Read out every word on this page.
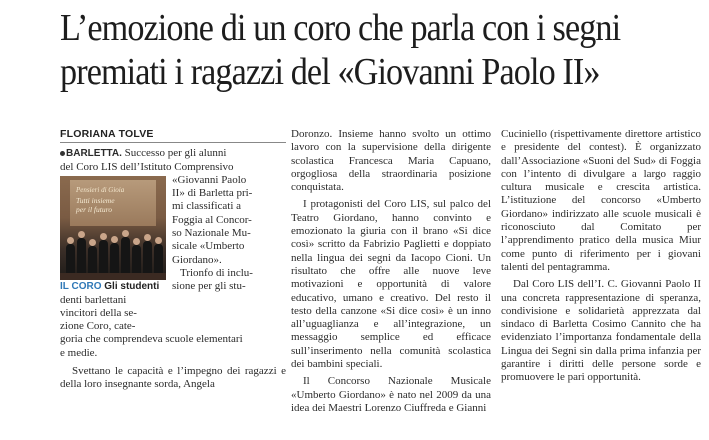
L’emozione di un coro che parla con i segni
premiati i ragazzi del «Giovanni Paolo II»
FLORIANA TOLVE

BARLETTA. Successo per gli alunni

del Coro LIS dell’Istituto Comprensivo
Pensieri di Gioia
Tutti insieme
per il futuro
IL CORO Gli studenti
«Giovanni Paolo
II» di Barletta pri-
mi classificati a
Foggia al Concor-
so Nazionale Mu-
sicale «Umberto
Giordano».
Trionfo di inclu-
sione per gli stu-
denti barlettani
vincitori della se-
zione Coro, cate-
goria che comprendeva scuole elementari
e medie.

Svettano le capacità e l’impegno dei ragazzi e della loro insegnante sorda, Angela

Doronzo. Insieme hanno svolto un ottimo lavoro con la supervisione della dirigente scolastica Francesca Maria Capuano, orgogliosa della straordinaria posizione conquistata.

I protagonisti del Coro LIS, sul palco del Teatro Giordano, hanno convinto e emozionato la giuria con il brano «Si dice così» scritto da Fabrizio Paglietti e doppiato nella lingua dei segni da Iacopo Cioni. Un risultato che offre alle nuove leve motivazioni e opportunità di valore educativo, umano e creativo. Del resto il testo della canzone «Si dice così» è un inno all’uguaglianza e all’integrazione, un messaggio semplice ed efficace sull’inserimento nella comunità scolastica dei bambini speciali.

Il Concorso Nazionale Musicale «Umberto Giordano» è nato nel 2009 da una idea dei Maestri Lorenzo Ciuffreda e Gianni

Cuciniello (rispettivamente direttore artistico e presidente del contest). È organizzato dall’Associazione «Suoni del Sud» di Foggia con l’intento di divulgare a largo raggio cultura musicale e crescita artistica. L’istituzione del concorso «Umberto Giordano» indirizzato alle scuole musicali è riconosciuto dal Comitato per l’apprendimento pratico della musica Miur come punto di riferimento per i giovani talenti del pentagramma.

Dal Coro LIS dell’I. C. Giovanni Paolo II una concreta rappresentazione di speranza, condivisione e solidarietà apprezzata dal sindaco di Barletta Cosimo Cannito che ha evidenziato l’importanza fondamentale della Lingua dei Segni sin dalla prima infanzia per garantire i diritti delle persone sorde e promuovere le pari opportunità.
